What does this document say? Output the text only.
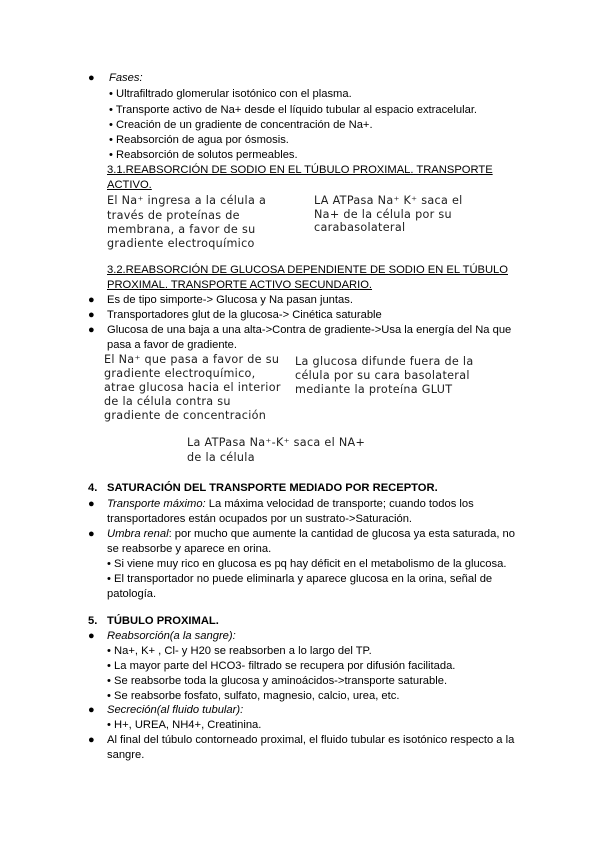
● Fases:
• Ultrafiltrado glomerular isotónico con el plasma.
• Transporte activo de Na+ desde el líquido tubular al espacio extracelular.
• Creación de un gradiente de concentración de Na+.
• Reabsorción de agua por ósmosis.
• Reabsorción de solutos permeables.
3.1.REABSORCIÓN DE SODIO EN EL TÚBULO PROXIMAL. TRANSPORTE
ACTIVO.
El Na⁺ ingresa a la célula a
través de proteínas de
membrana, a favor de su
gradiente electroquímico
LA ATPasa Na⁺ K⁺ saca el
Na+ de la célula por su
carabasolateral
3.2.REABSORCIÓN DE GLUCOSA DEPENDIENTE DE SODIO EN EL TÚBULO
PROXIMAL. TRANSPORTE ACTIVO SECUNDARIO.
● Es de tipo simporte-> Glucosa y Na pasan juntas.
● Transportadores glut de la glucosa-> Cinética saturable
● Glucosa de una baja a una alta->Contra de gradiente->Usa la energía del Na que
pasa a favor de gradiente.
El Na⁺ que pasa a favor de su
gradiente electroquímico,
atrae glucosa hacia el interior
de la célula contra su
gradiente de concentración
La glucosa difunde fuera de la
célula por su cara basolateral
mediante la proteína GLUT
La ATPasa Na⁺-K⁺ saca el NA+
de la célula
4. SATURACIÓN DEL TRANSPORTE MEDIADO POR RECEPTOR.
● Transporte máximo: La máxima velocidad de transporte; cuando todos los
transportadores están ocupados por un sustrato->Saturación.
● Umbra renal: por mucho que aumente la cantidad de glucosa ya esta saturada, no
se reabsorbe y aparece en orina.
• Si viene muy rico en glucosa es pq hay déficit en el metabolismo de la glucosa.
• El transportador no puede eliminarla y aparece glucosa en la orina, señal de
patología.
5. TÚBULO PROXIMAL.
● Reabsorción(a la sangre):
• Na+, K+ , Cl- y H20 se reabsorben a lo largo del TP.
• La mayor parte del HCO3- filtrado se recupera por difusión facilitada.
• Se reabsorbe toda la glucosa y aminoácidos->transporte saturable.
• Se reabsorbe fosfato, sulfato, magnesio, calcio, urea, etc.
● Secreción(al fluido tubular):
• H+, UREA, NH4+, Creatinina.
● Al final del túbulo contorneado proximal, el fluido tubular es isotónico respecto a la
sangre.
